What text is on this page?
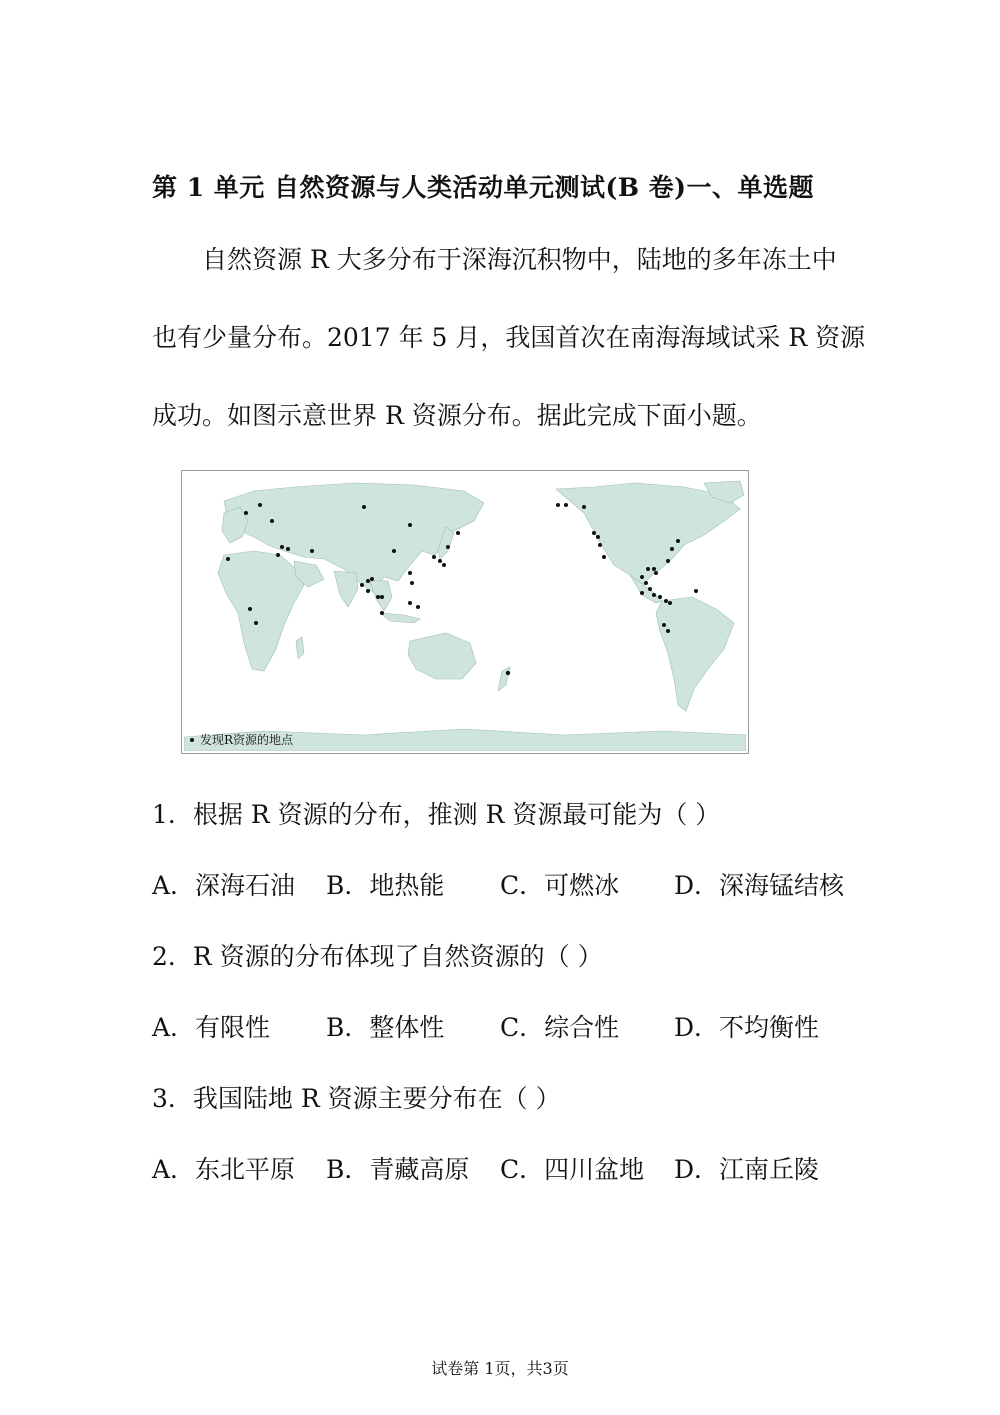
第 1 单元 自然资源与人类活动单元测试(B 卷)一、单选题
　　自然资源 R 大多分布于深海沉积物中，陆地的多年冻土中
也有少量分布。2017 年 5 月，我国首次在南海海域试采 R 资源
成功。如图示意世界 R 资源分布。据此完成下面小题。
发现R资源的地点
1．根据 R 资源的分布，推测 R 资源最可能为（ ）
A．深海石油 B．地热能 C．可燃冰 D．深海锰结核
2．R 资源的分布体现了自然资源的（ ）
A．有限性 B．整体性 C．综合性 D．不均衡性
3．我国陆地 R 资源主要分布在（ ）
A．东北平原 B．青藏高原 C．四川盆地 D．江南丘陵
试卷第 1页，共3页
